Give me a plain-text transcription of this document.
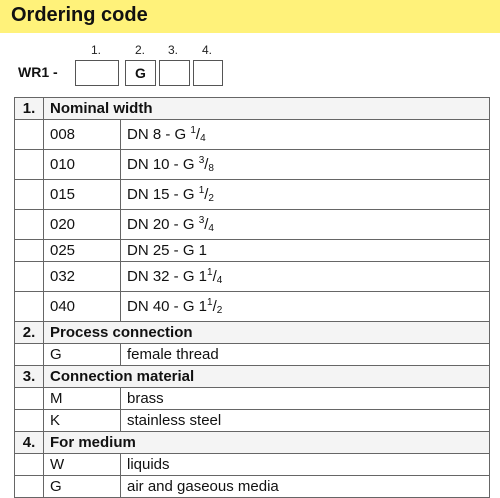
Ordering code
1.	2. 3. 4.
WR1 -	G
1.	Nominal width	
	008	DN 8 - G $^1$/4
	010	DN 10 - G $^3$/8
	015	DN 15 - G $^1$/2
	020	DN 20 - G $^3$/4
	025	DN 25 - G 1
	032	DN 32 - G $1^1/4$
	040	DN 40 - G $1^1/2$
2.	Process connection	
	G	female thread
3.	Connection material	
	M	brass
	K	stainless steel
4.	For medium	
	W	liquids
	G	air and gaseous media
